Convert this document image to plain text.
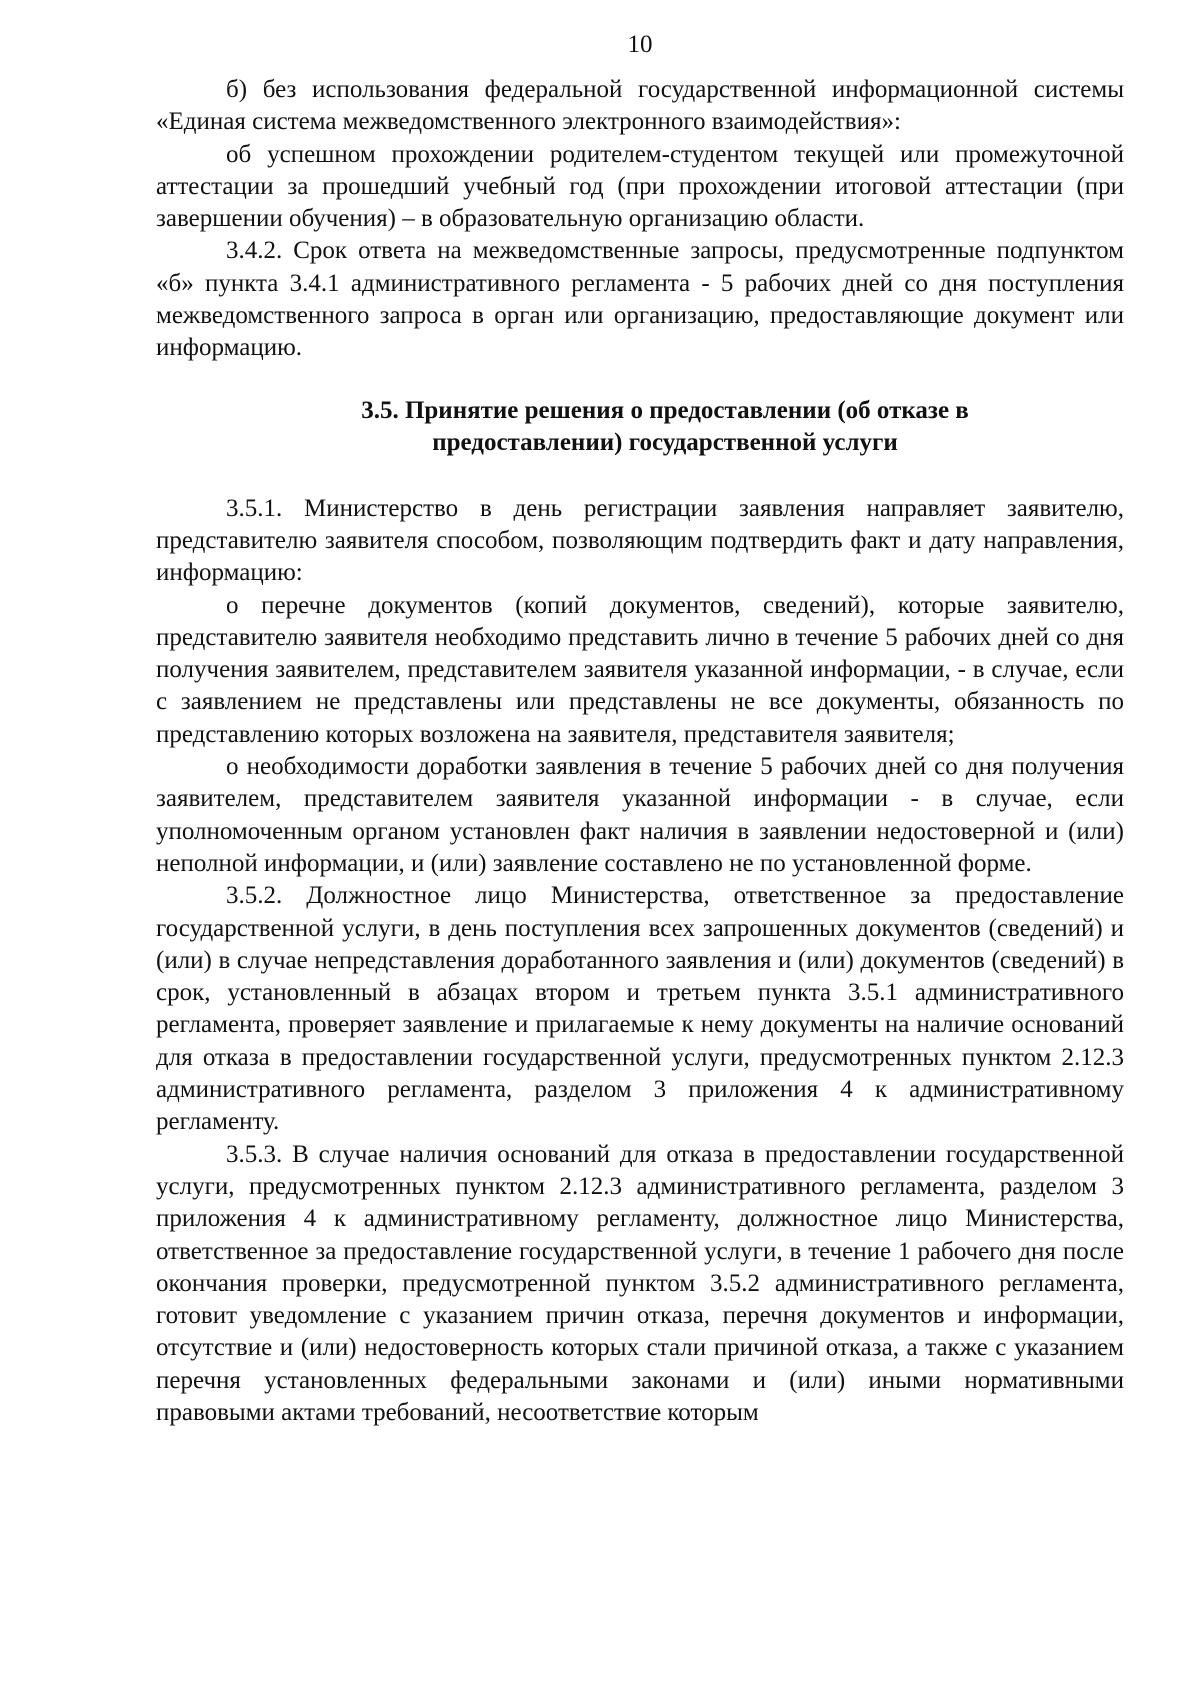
10

б) без использования федеральной государственной информационной системы «Единая система межведомственного электронного взаимодействия»:

об успешном прохождении родителем-студентом текущей или промежуточной аттестации за прошедший учебный год (при прохождении итоговой аттестации (при завершении обучения) – в образовательную организацию области.

3.4.2. Срок ответа на межведомственные запросы, предусмотренные подпунктом «б» пункта 3.4.1 административного регламента - 5 рабочих дней со дня поступления межведомственного запроса в орган или организацию, предоставляющие документ или информацию.

3.5. Принятие решения о предоставлении (об отказе в
предоставлении) государственной услуги

3.5.1. Министерство в день регистрации заявления направляет заявителю, представителю заявителя способом, позволяющим подтвердить факт и дату направления, информацию:

о перечне документов (копий документов, сведений), которые заявителю, представителю заявителя необходимо представить лично в течение 5 рабочих дней со дня получения заявителем, представителем заявителя указанной информации, - в случае, если с заявлением не представлены или представлены не все документы, обязанность по представлению которых возложена на заявителя, представителя заявителя;

о необходимости доработки заявления в течение 5 рабочих дней со дня получения заявителем, представителем заявителя указанной информации - в случае, если уполномоченным органом установлен факт наличия в заявлении недостоверной и (или) неполной информации, и (или) заявление составлено не по установленной форме.

3.5.2. Должностное лицо Министерства, ответственное за предоставление государственной услуги, в день поступления всех запрошенных документов (сведений) и (или) в случае непредставления доработанного заявления и (или) документов (сведений) в срок, установленный в абзацах втором и третьем пункта 3.5.1 административного регламента, проверяет заявление и прилагаемые к нему документы на наличие оснований для отказа в предоставлении государственной услуги, предусмотренных пунктом 2.12.3 административного регламента, разделом 3 приложения 4 к административному регламенту.

3.5.3. В случае наличия оснований для отказа в предоставлении государственной услуги, предусмотренных пунктом 2.12.3 административного регламента, разделом 3 приложения 4 к административному регламенту, должностное лицо Министерства, ответственное за предоставление государственной услуги, в течение 1 рабочего дня после окончания проверки, предусмотренной пунктом 3.5.2 административного регламента, готовит уведомление с указанием причин отказа, перечня документов и информации, отсутствие и (или) недостоверность которых стали причиной отказа, а также с указанием перечня установленных федеральными законами и (или) иными нормативными правовыми актами требований, несоответствие которым
